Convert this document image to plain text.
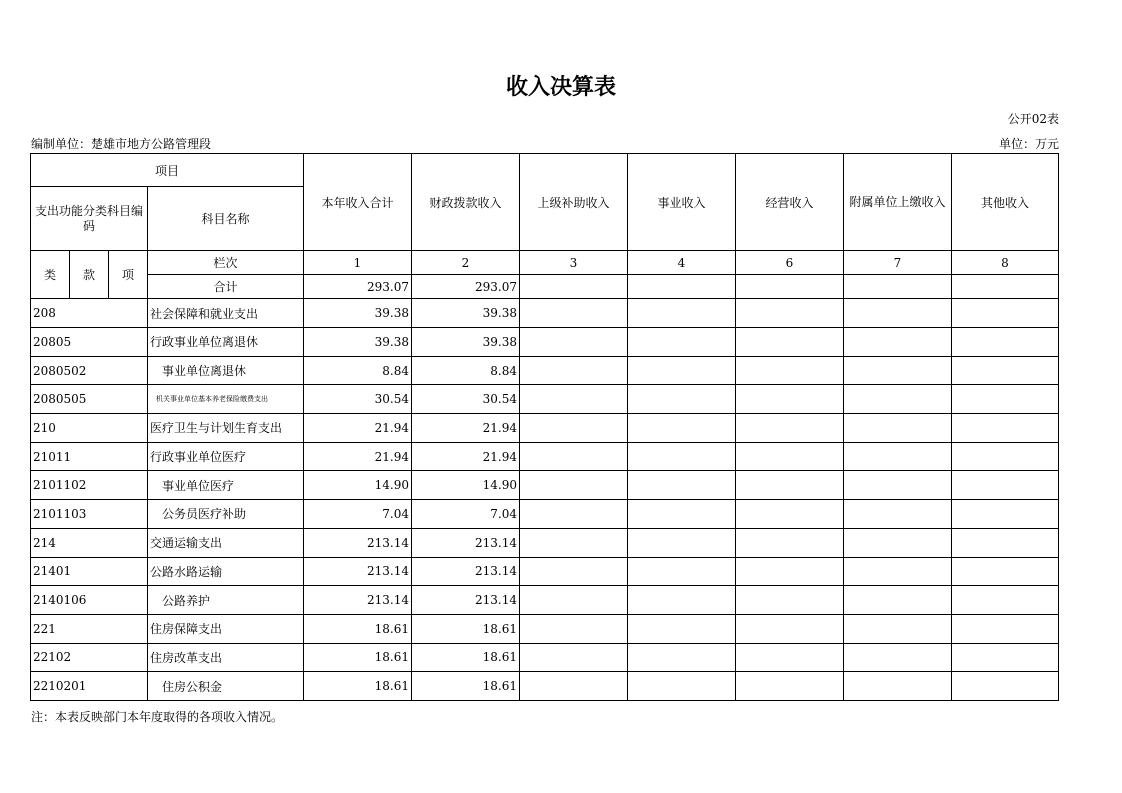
收入决算表
公开02表
编制单位：楚雄市地方公路管理段	单位：万元
项目				本年收入合计	财政拨款收入	上级补助收入	事业收入	经营收入	附属单位上缴收入	其他收入
支出功能分类科目编码			科目名称							
类	款	项	栏次	1	2	3	4	6	7	8
			合计	293.07	293.07					
208			社会保障和就业支出	39.38	39.38					
20805			行政事业单位离退休	39.38	39.38					
2080502			事业单位离退休	8.84	8.84					
2080505			机关事业单位基本养老保险缴费支出	30.54	30.54					
210			医疗卫生与计划生育支出	21.94	21.94					
21011			行政事业单位医疗	21.94	21.94					
2101102			事业单位医疗	14.90	14.90					
2101103			公务员医疗补助	7.04	7.04					
214			交通运输支出	213.14	213.14					
21401			公路水路运输	213.14	213.14					
2140106			公路养护	213.14	213.14					
221			住房保障支出	18.61	18.61					
22102			住房改革支出	18.61	18.61					
2210201			住房公积金	18.61	18.61					
注：本表反映部门本年度取得的各项收入情况。
